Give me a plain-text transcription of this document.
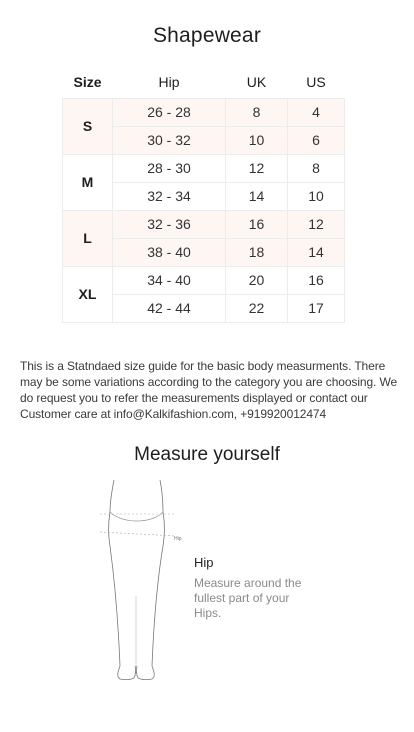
Shapewear
Size	Hip	UK	US
S	26 - 28	8	4
	30 - 32	10	6
M	28 - 30	12	8
	32 - 34	14	10
L	32 - 36	16	12
	38 - 40	18	14
XL	34 - 40	20	16
	42 - 44	22	17

This is a Statndaed size guide for the basic body measurments. There may be some variations according to the category you are choosing. We do request you to refer the measurements displayed or contact our Customer care at info@Kalkifashion.com, +919920012474

Measure yourself
Hip
Hip
Measure around the fullest part of your Hips.
